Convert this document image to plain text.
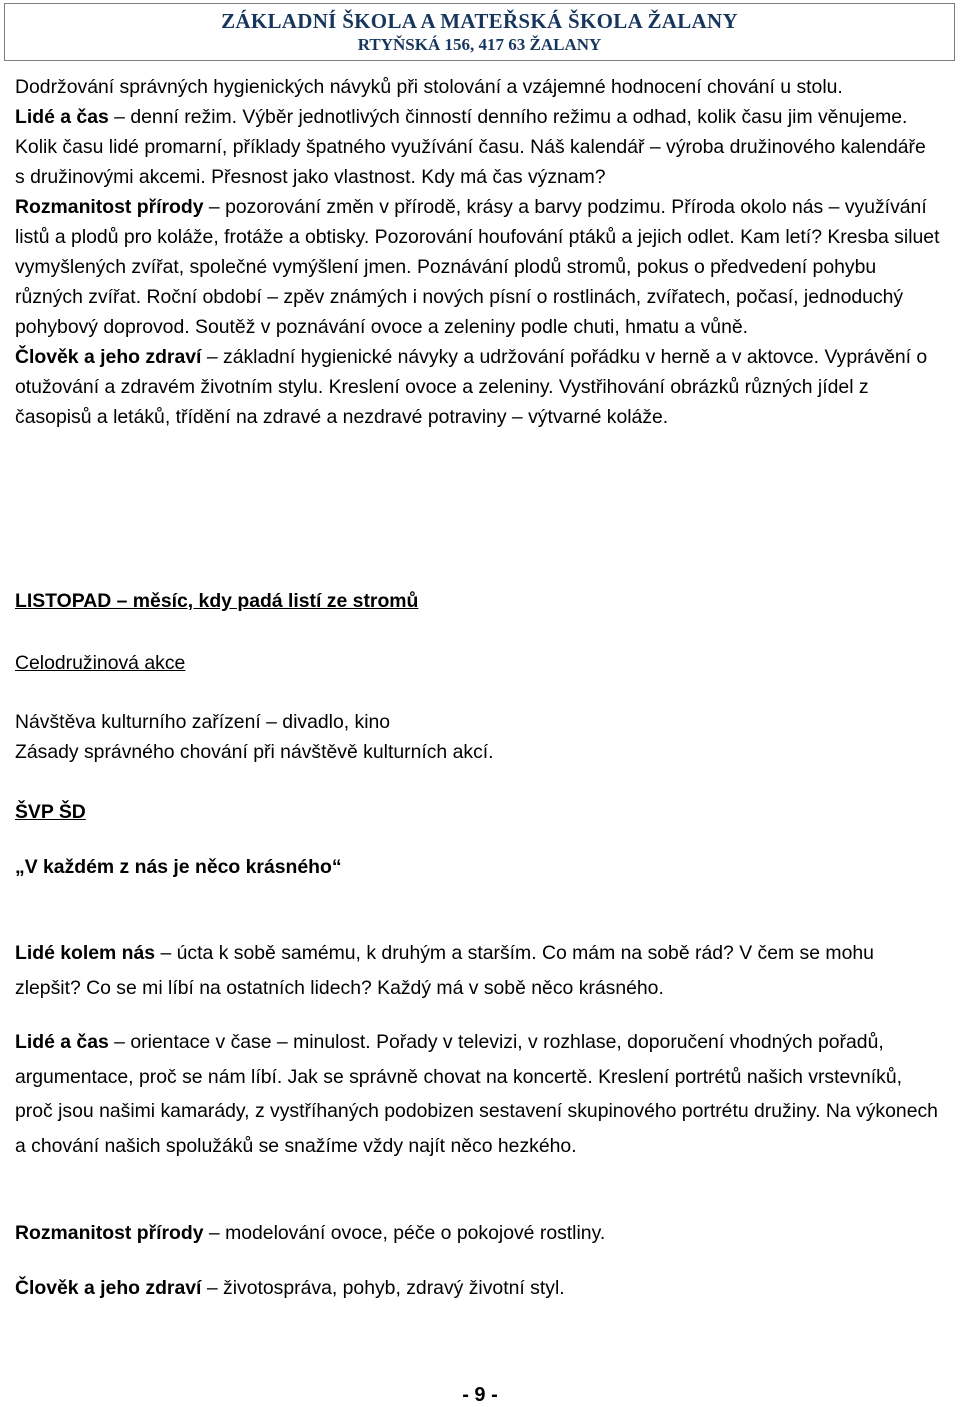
ZÁKLADNÍ ŠKOLA A MATEŘSKÁ ŠKOLA ŽALANY
RTYŇSKÁ 156, 417 63 ŽALANY

Dodržování správných hygienických návyků při stolování a vzájemné hodnocení chování u stolu.

Lidé a čas – denní režim. Výběr jednotlivých činností denního režimu a odhad, kolik času jim věnujeme. Kolik času lidé promarní, příklady špatného využívání času. Náš kalendář – výroba družinového kalendáře s družinovými akcemi. Přesnost jako vlastnost. Kdy má čas význam?

Rozmanitost přírody – pozorování změn v přírodě, krásy a barvy podzimu. Příroda okolo nás – využívání listů a plodů pro koláže, frotáže a obtisky. Pozorování houfování ptáků a jejich odlet. Kam letí? Kresba siluet vymyšlených zvířat, společné vymýšlení jmen. Poznávání plodů stromů, pokus o předvedení pohybu různých zvířat. Roční období – zpěv známých i nových písní o rostlinách, zvířatech, počasí, jednoduchý pohybový doprovod. Soutěž v poznávání ovoce a zeleniny podle chuti, hmatu a vůně.

Člověk a jeho zdraví – základní hygienické návyky a udržování pořádku v herně a v aktovce. Vyprávění o otužování a zdravém životním stylu. Kreslení ovoce a zeleniny. Vystřihování obrázků různých jídel z časopisů a letáků, třídění na zdravé a nezdravé potraviny – výtvarné koláže.

LISTOPAD – měsíc, kdy padá listí ze stromů

Celodružinová akce

Návštěva kulturního zařízení – divadlo, kino

Zásady správného chování při návštěvě kulturních akcí.

ŠVP ŠD

„V každém z nás je něco krásného“

Lidé kolem nás – úcta k sobě samému, k druhým a starším. Co mám na sobě rád? V čem se mohu zlepšit? Co se mi líbí na ostatních lidech? Každý má v sobě něco krásného.

Lidé a čas – orientace v čase – minulost. Pořady v televizi, v rozhlase, doporučení vhodných pořadů, argumentace, proč se nám líbí. Jak se správně chovat na koncertě. Kreslení portrétů našich vrstevníků, proč jsou našimi kamarády, z vystříhaných podobizen sestavení skupinového portrétu družiny. Na výkonech a chování našich spolužáků se snažíme vždy najít něco hezkého.

Rozmanitost přírody – modelování ovoce, péče o pokojové rostliny.

Člověk a jeho zdraví – životospráva, pohyb, zdravý životní styl.

- 9 -
